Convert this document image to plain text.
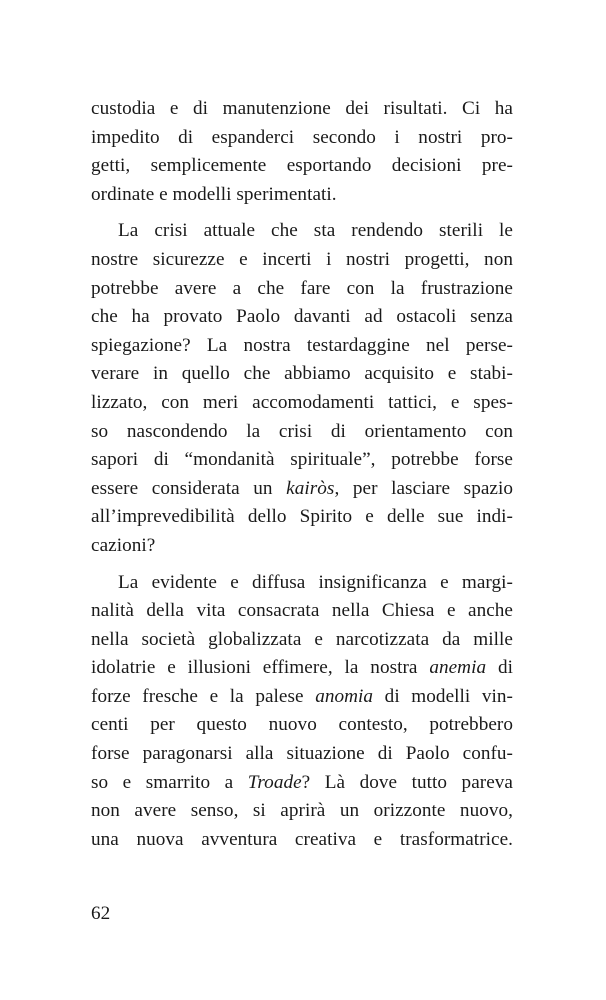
custodia e di manutenzione dei risultati. Ci ha
impedito di espanderci secondo i nostri pro-
getti, semplicemente esportando decisioni pre-
ordinate e modelli sperimentati.
La crisi attuale che sta rendendo sterili le
nostre sicurezze e incerti i nostri progetti, non
potrebbe avere a che fare con la frustrazione
che ha provato Paolo davanti ad ostacoli senza
spiegazione? La nostra testardaggine nel perse-
verare in quello che abbiamo acquisito e stabi-
lizzato, con meri accomodamenti tattici, e spes-
so nascondendo la crisi di orientamento con
sapori di “mondanità spirituale”, potrebbe forse
essere considerata un kairòs, per lasciare spazio
all’imprevedibilità dello Spirito e delle sue indi-
cazioni?
La evidente e diffusa insignificanza e margi-
nalità della vita consacrata nella Chiesa e anche
nella società globalizzata e narcotizzata da mille
idolatrie e illusioni effimere, la nostra anemia di
forze fresche e la palese anomia di modelli vin-
centi per questo nuovo contesto, potrebbero
forse paragonarsi alla situazione di Paolo confu-
so e smarrito a Troade? Là dove tutto pareva
non avere senso, si aprirà un orizzonte nuovo,
una nuova avventura creativa e trasformatrice.
62
